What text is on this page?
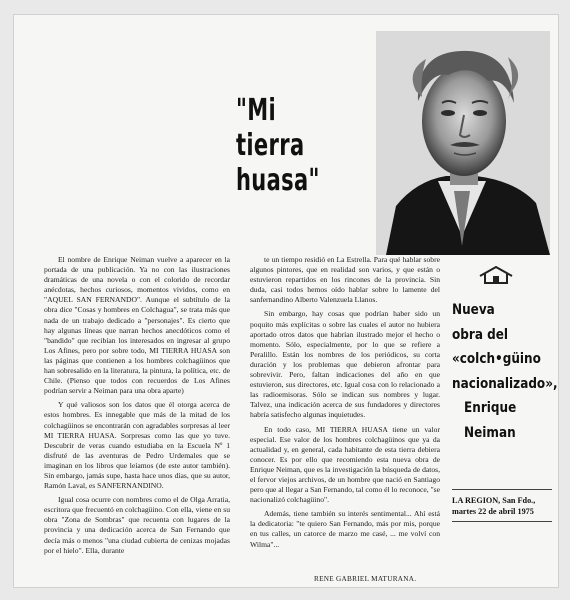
"Mi
tierra
huasa"

El nombre de Enrique Neiman vuelve a aparecer en la portada de una publicación. Ya no con las ilustraciones dramáticas de una novela o con el colorido de recordar anécdotas, hechos curiosos, momentos vividos, como en "AQUEL SAN FERNANDO". Aunque el subtítulo de la obra dice "Cosas y hombres en Colchagua", se trata más que nada de un trabajo dedicado a "personajes". Es cierto que hay algunas líneas que narran hechos anecdóticos como el "bandido" que recibían los interesados en ingresar al grupo Los Afines, pero por sobre todo, MI TIERRA HUASA son las páginas que contienen a los hombres colchagüinos que han sobresalido en la literatura, la pintura, la política, etc. de Chile. (Pienso que todos con recuerdos de Los Afines podrían servir a Neiman para una obra aparte)

Y qué valiosos son los datos que él otorga acerca de estos hombres. Es innegable que más de la mitad de los colchagüinos se encontrarán con agradables sorpresas al leer MI TIERRA HUASA. Sorpresas como las que yo tuve. Descubrir de veras cuando estudiaba en la Escuela Nº 1 disfruté de las aventuras de Pedro Urdemales que se imaginan en los libros que leíamos (de este autor también). Sin embargo, jamás supe, hasta hace unos días, que su autor, Ramón Laval, es SANFERNANDINO.

Igual cosa ocurre con nombres como el de Olga Arratia, escritora que frecuentó en colchagüino. Con ella, viene en su obra "Zona de Sombras" que recuenta con lugares de la provincia y una dedicación acerca de San Fernando que decía más o menos "una ciudad cubierta de cenizas mojadas por el hielo". Ella, durante

te un tiempo residió en La Estrella. Para qué hablar sobre algunos pintores, que en realidad son varios, y que están o estuvieron repartidos en los rincones de la provincia. Sin duda, casi todos hemos oído hablar sobre lo lamente del sanfernandino Alberto Valenzuela Llanos.

Sin embargo, hay cosas que podrían haber sido un poquito más explícitas o sobre las cuales el autor no hubiera aportado otros datos que habrían ilustrado mejor el hecho o momento. Sólo, especialmente, por lo que se refiere a Peralillo. Están los nombres de los periódicos, su corta duración y los problemas que debieron afrontar para sobrevivir. Pero, faltan indicaciones del año en que estuvieron, sus directores, etc. Igual cosa con lo relacionado a las radioemisoras. Sólo se indican sus nombres y lugar. Talvez, una indicación acerca de sus fundadores y directores habría satisfecho algunas inquietudes.

En todo caso, MI TIERRA HUASA tiene un valor especial. Ese valor de los hombres colchagüinos que ya da actualidad y, en general, cada habitante de esta tierra debiera conocer. Es por ello que recomiendo esta nueva obra de Enrique Neiman, que es la investigación la búsqueda de datos, el fervor viejos archivos, de un hombre que nació en Santiago pero que al llegar a San Fernando, tal como él lo reconoce, "se nacionalizó colchagüino".

Además, tiene también su interés sentimental... Ahí está la dedicatoria: "te quiero San Fernando, más por mis, porque en tus calles, un catorce de marzo me casé, ... me volví con Wilma"...

RENE GABRIEL MATURANA.
Nueva
obra del
«colch•güino
nacionalizado»,
Enrique
Neiman
LA REGION, San Fdo.,
martes 22 de abril 1975
